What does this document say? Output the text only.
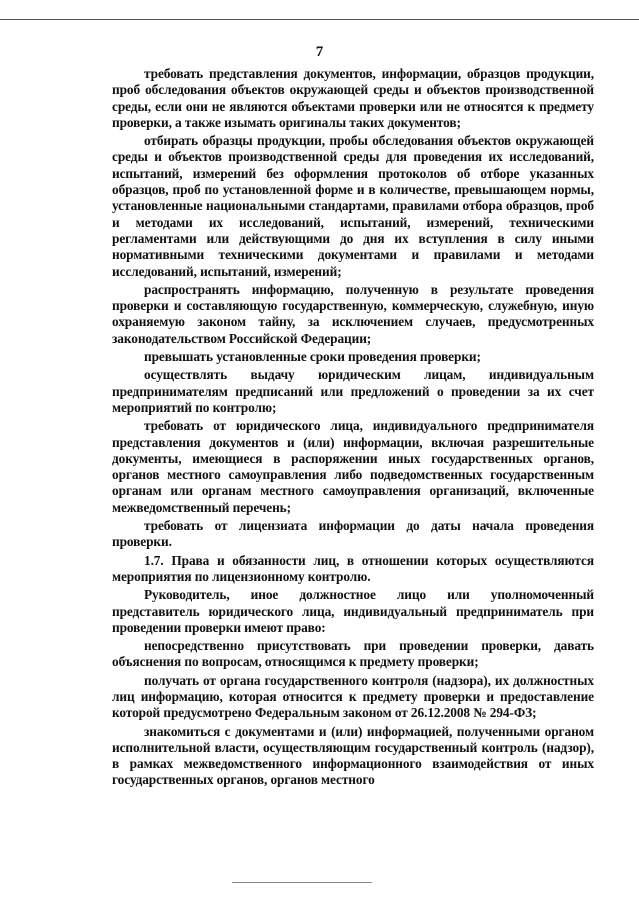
7

требовать представления документов, информации, образцов продукции, проб обследования объектов окружающей среды и объектов производственной среды, если они не являются объектами проверки или не относятся к предмету проверки, а также изымать оригиналы таких документов;

отбирать образцы продукции, пробы обследования объектов окружающей среды и объектов производственной среды для проведения их исследований, испытаний, измерений без оформления протоколов об отборе указанных образцов, проб по установленной форме и в количестве, превышающем нормы, установленные национальными стандартами, правилами отбора образцов, проб и методами их исследований, испытаний, измерений, техническими регламентами или действующими до дня их вступления в силу иными нормативными техническими документами и правилами и методами исследований, испытаний, измерений;

распространять информацию, полученную в результате проведения проверки и составляющую государственную, коммерческую, служебную, иную охраняемую законом тайну, за исключением случаев, предусмотренных законодательством Российской Федерации;

превышать установленные сроки проведения проверки;

осуществлять выдачу юридическим лицам, индивидуальным предпринимателям предписаний или предложений о проведении за их счет мероприятий по контролю;

требовать от юридического лица, индивидуального предпринимателя представления документов и (или) информации, включая разрешительные документы, имеющиеся в распоряжении иных государственных органов, органов местного самоуправления либо подведомственных государственным органам или органам местного самоуправления организаций, включенные межведомственный перечень;

требовать от лицензиата информации до даты начала проведения проверки.

1.7. Права и обязанности лиц, в отношении которых осуществляются мероприятия по лицензионному контролю.

Руководитель, иное должностное лицо или уполномоченный представитель юридического лица, индивидуальный предприниматель при проведении проверки имеют право:

непосредственно присутствовать при проведении проверки, давать объяснения по вопросам, относящимся к предмету проверки;

получать от органа государственного контроля (надзора), их должностных лиц информацию, которая относится к предмету проверки и предоставление которой предусмотрено Федеральным законом от 26.12.2008 № 294-ФЗ;

знакомиться с документами и (или) информацией, полученными органом исполнительной власти, осуществляющим государственный контроль (надзор), в рамках межведомственного информационного взаимодействия от иных государственных органов, органов местного
